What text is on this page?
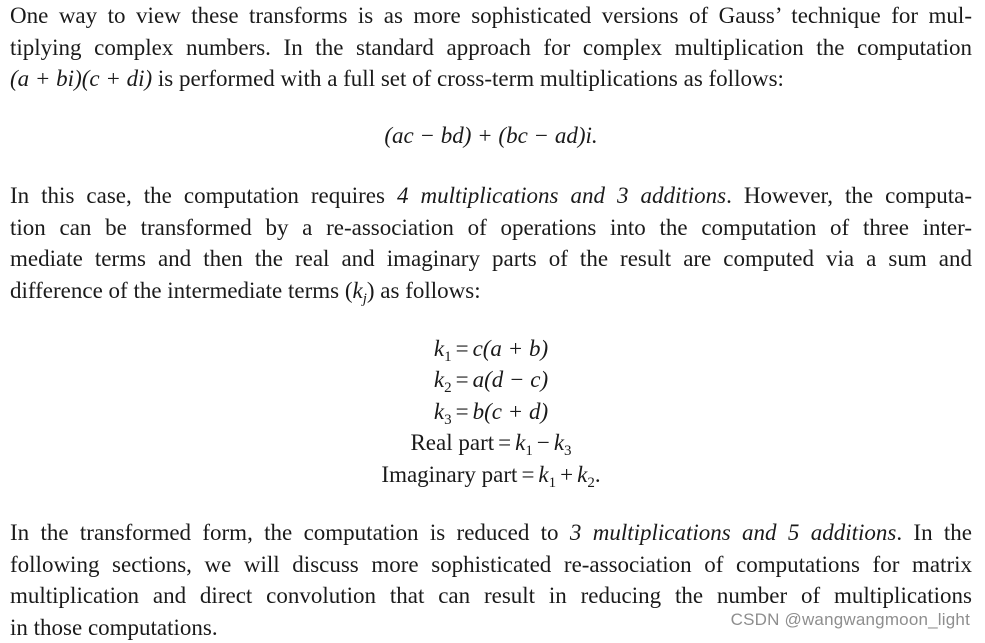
One way to view these transforms is as more sophisticated versions of Gauss’ technique for mul-
tiplying complex numbers. In the standard approach for complex multiplication the computation
(a + bi)(c + di) is performed with a full set of cross-term multiplications as follows:
(ac − bd) + (bc − ad)i.
In this case, the computation requires 4 multiplications and 3 additions. However, the computa-
tion can be transformed by a re-association of operations into the computation of three inter-
mediate terms and then the real and imaginary parts of the result are computed via a sum and
difference of the intermediate terms $(k_j)$ as follows:
$k_1 = c(a + b)$
$k_2 = a(d - c)$
$k_3 = b(c + d)$
Real part = $k_1 - k_3$
Imaginary part = $k_1 + k_2$.
In the transformed form, the computation is reduced to 3 multiplications and 5 additions. In the
following sections, we will discuss more sophisticated re-association of computations for matrix
multiplication and direct convolution that can result in reducing the number of multiplications
in those computations.	CSDN @wangwangmoon_light
